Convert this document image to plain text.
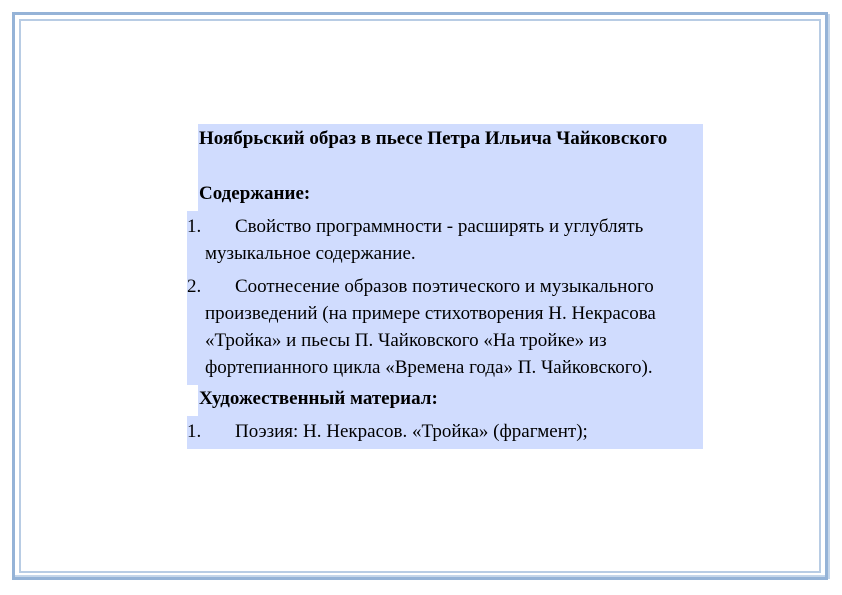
Ноябрьский образ в пьесе Петра Ильича Чайковского
Содержание:
1.	Свойство программности - расширять и углублять музыкальное содержание.
2.	Соотнесение образов поэтического и музыкального произведений (на примере стихотворения Н. Некрасова «Тройка» и пьесы П. Чайковского «На тройке» из фортепианного цикла «Времена года» П. Чайковского).
Художественный материал:
1.	Поэзия: Н. Некрасов. «Тройка» (фрагмент);
